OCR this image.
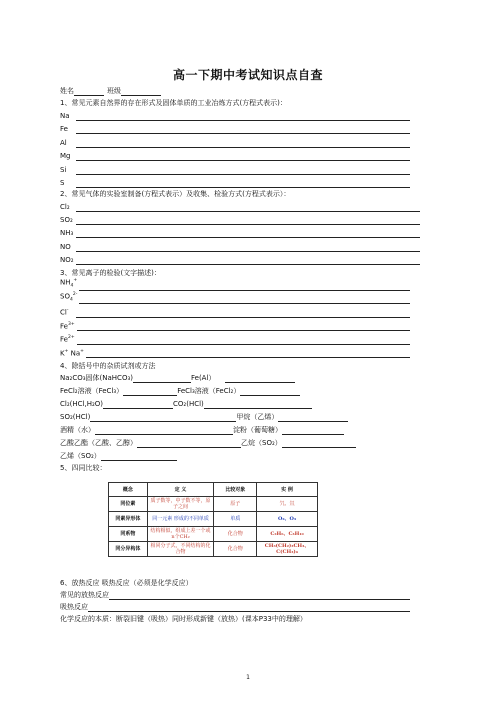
高一下期中考试知识点自查
姓名	班级
1、常见元素自然界的存在形式及固体单质的工业冶炼方式(方程式表示)：
Na
Fe
Al
Mg
Si
S
2、常见气体的实验室制备(方程式表示）及收集、检验方式(方程式表示）：
Cl₂
SO₂
NH₃
NO
NO₂
3、常见离子的检验(文字描述)：
$NH_4^+$
$SO_4^{2-}$
Cl-
$Fe^{3+}$
$Fe^{2+}$
K+ Na+
4、除括号中的杂质试剂或方法
Na₂CO₃固体(NaHCO₃)	Fe(Al）
FeCl₂溶液（FeCl₃）	FeCl₃溶液（FeCl₂）
Cl₂(HCl,H₂O)	CO₂(HCl)
SO₂(HCl)	甲烷（乙烯）
酒精（水）	淀粉（葡萄糖）
乙酸乙酯（乙酸、乙醇）	乙烷（SO₂）
乙烯（SO₂）
5、四同比较：
概念	定 义	比较对象	实 例
同位素	质子数等，中子数不等，原子之间	原子	氕、氘
同素异形体	同一元素 形成的不同单质	单质	O₂、O₃
同系物	结构相似，组成上差一个或n个CH₂	化合物	C₂H₆、C₃H₁₀
同分异构体	相同分子式，不同结构的化合物	化合物	CH₃(CH₂)₃CH₃、C(CH₃)₄
6、放热反应 吸热反应（必须是化学反应）
常见的放热反应
吸热反应
化学反应的本质：断裂旧键（吸热）同时形成新键（放热）(课本P33中的理解）
1
